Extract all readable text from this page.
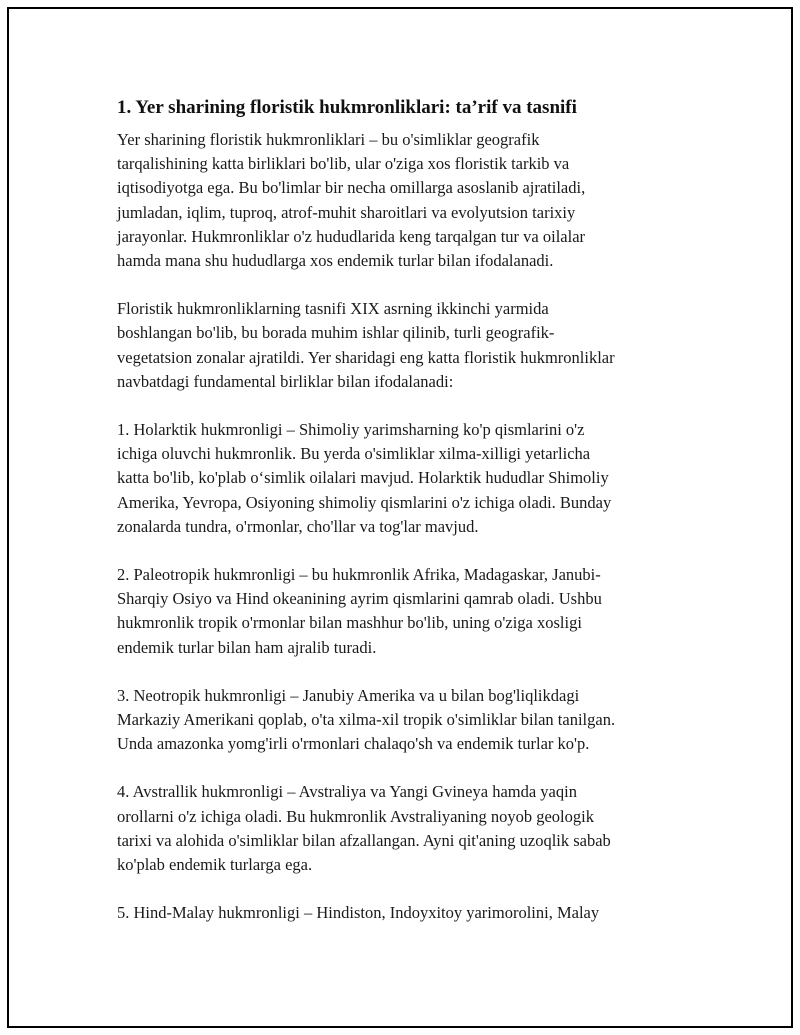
1. Yer sharining floristik hukmronliklari: ta’rif va tasnifi
Yer sharining floristik hukmronliklari – bu o'simliklar geografik
tarqalishining katta birliklari bo'lib, ular o'ziga xos floristik tarkib va
iqtisodiyotga ega. Bu bo'limlar bir necha omillarga asoslanib ajratiladi,
jumladan, iqlim, tuproq, atrof-muhit sharoitlari va evolyutsion tarixiy
jarayonlar. Hukmronliklar o'z hududlarida keng tarqalgan tur va oilalar
hamda mana shu hududlarga xos endemik turlar bilan ifodalanadi.
Floristik hukmronliklarning tasnifi XIX asrning ikkinchi yarmida
boshlangan bo'lib, bu borada muhim ishlar qilinib, turli geografik-
vegetatsion zonalar ajratildi. Yer sharidagi eng katta floristik hukmronliklar
navbatdagi fundamental birliklar bilan ifodalanadi:
1. Holarktik hukmronligi – Shimoliy yarimsharning ko'p qismlarini o'z
ichiga oluvchi hukmronlik. Bu yerda o'simliklar xilma-xilligi yetarlicha
katta bo'lib, ko'plab o‘simlik oilalari mavjud. Holarktik hududlar Shimoliy
Amerika, Yevropa, Osiyoning shimoliy qismlarini o'z ichiga oladi. Bunday
zonalarda tundra, o'rmonlar, cho'llar va tog'lar mavjud.
2. Paleotropik hukmronligi – bu hukmronlik Afrika, Madagaskar, Janubi-
Sharqiy Osiyo va Hind okeanining ayrim qismlarini qamrab oladi. Ushbu
hukmronlik tropik o'rmonlar bilan mashhur bo'lib, uning o'ziga xosligi
endemik turlar bilan ham ajralib turadi.
3. Neotropik hukmronligi – Janubiy Amerika va u bilan bog'liqlikdagi
Markaziy Amerikani qoplab, o'ta xilma-xil tropik o'simliklar bilan tanilgan.
Unda amazonka yomg'irli o'rmonlari chalaqo'sh va endemik turlar ko'p.
4. Avstrallik hukmronligi – Avstraliya va Yangi Gvineya hamda yaqin
orollarni o'z ichiga oladi. Bu hukmronlik Avstraliyaning noyob geologik
tarixi va alohida o'simliklar bilan afzallangan. Ayni qit'aning uzoqlik sabab
ko'plab endemik turlarga ega.
5. Hind-Malay hukmronligi – Hindiston, Indoyxitoy yarimorolini, Malay
